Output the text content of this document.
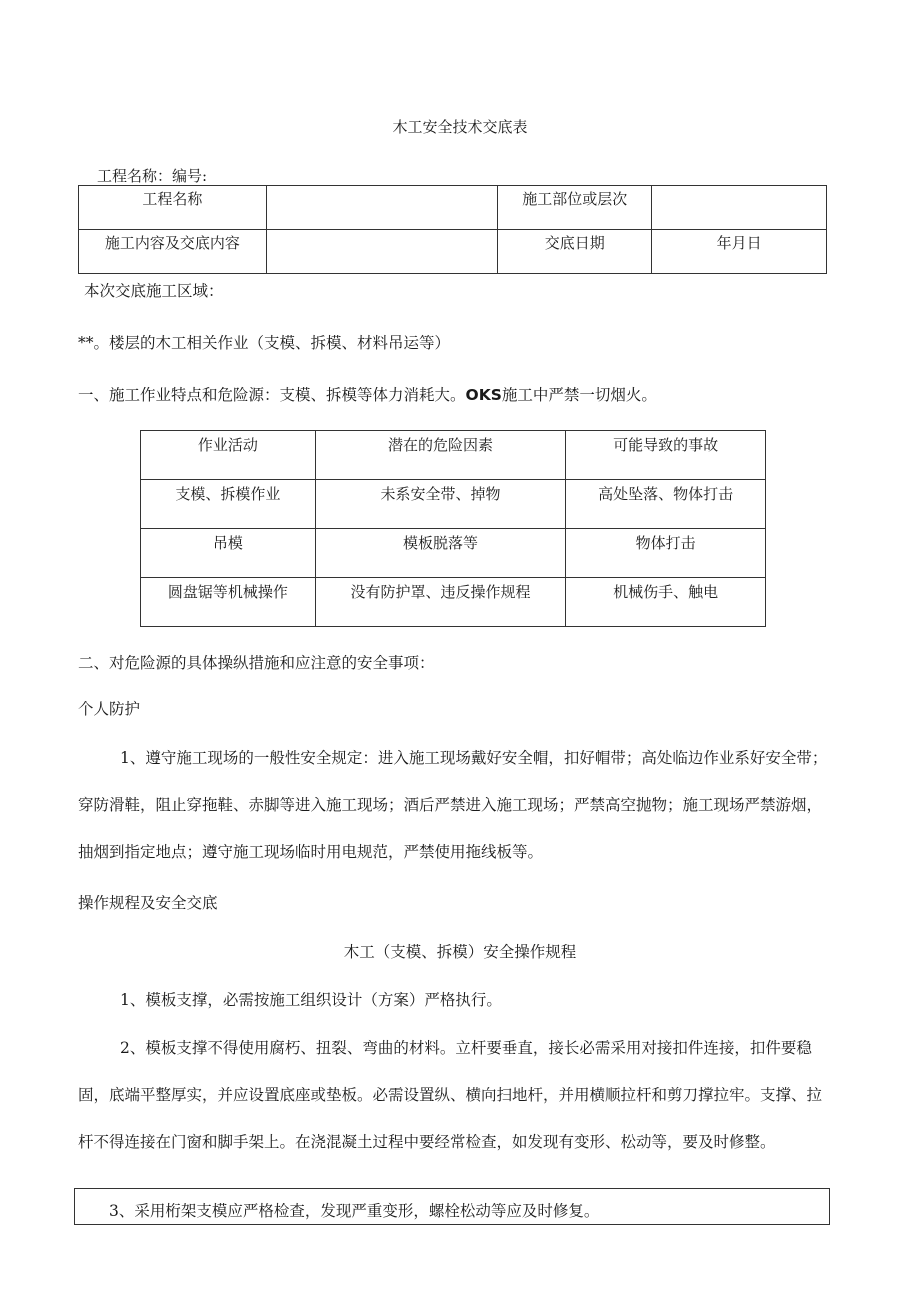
木工安全技术交底表
工程名称：编号:
工程名称		施工部位或层次	
施工内容及交底内容		交底日期	年月日
本次交底施工区域：
**。楼层的木工相关作业（支模、拆模、材料吊运等）
一、施工作业特点和危险源：支模、拆模等体力消耗大。OKS施工中严禁一切烟火。
作业活动	潜在的危险因素	可能导致的事故
支模、拆模作业	未系安全带、掉物	高处坠落、物体打击
吊模	模板脱落等	物体打击
圆盘锯等机械操作	没有防护罩、违反操作规程	机械伤手、触电
二、对危险源的具体操纵措施和应注意的安全事项：
个人防护
1、遵守施工现场的一般性安全规定：进入施工现场戴好安全帽，扣好帽带；高处临边作业系好安全带；穿防滑鞋，阻止穿拖鞋、赤脚等进入施工现场；酒后严禁进入施工现场；严禁高空抛物；施工现场严禁游烟，抽烟到指定地点；遵守施工现场临时用电规范，严禁使用拖线板等。
操作规程及安全交底
木工（支模、拆模）安全操作规程
1、模板支撑，必需按施工组织设计（方案）严格执行。
2、模板支撑不得使用腐朽、扭裂、弯曲的材料。立杆要垂直，接长必需采用对接扣件连接，扣件要稳固，底端平整厚实，并应设置底座或垫板。必需设置纵、横向扫地杆，并用横顺拉杆和剪刀撑拉牢。支撑、拉杆不得连接在门窗和脚手架上。在浇混凝土过程中要经常检查，如发现有变形、松动等，要及时修整。
3、采用桁架支模应严格检查，发现严重变形，螺栓松动等应及时修复。
